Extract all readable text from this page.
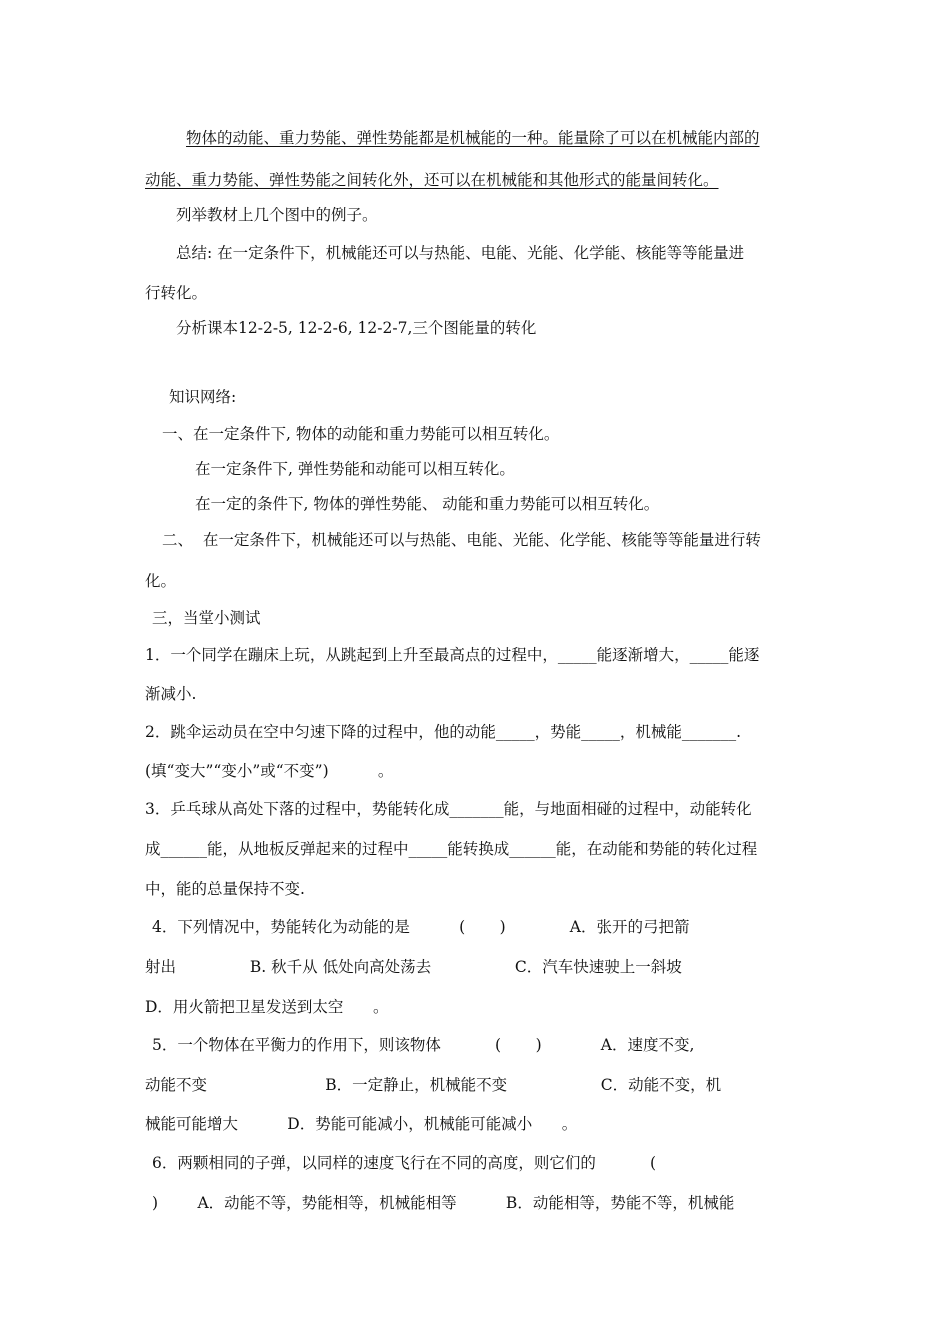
物体的动能、重力势能、弹性势能都是机械能的一种。能量除了可以在机械能内部的
动能、重力势能、弹性势能之间转化外，还可以在机械能和其他形式的能量间转化。
列举教材上几个图中的例子。
总结: 在一定条件下，机械能还可以与热能、电能、光能、化学能、核能等等能量进
行转化。
分析课本12-2-5, 12-2-6, 12-2-7,三个图能量的转化
知识网络:
一、在一定条件下, 物体的动能和重力势能可以相互转化。
在一定条件下, 弹性势能和动能可以相互转化。
在一定的条件下, 物体的弹性势能、 动能和重力势能可以相互转化。
二、  在一定条件下，机械能还可以与热能、电能、光能、化学能、核能等等能量进行转
化。
三，当堂小测试
1．一个同学在蹦床上玩，从跳起到上升至最高点的过程中，_____能逐渐增大，_____能逐
渐减小.
2．跳伞运动员在空中匀速下降的过程中，他的动能_____，势能_____，机械能_______.
(填“变大”“变小”或“不变”)          。
3．乒乓球从高处下落的过程中，势能转化成_______能，与地面相碰的过程中，动能转化
成______能，从地板反弹起来的过程中_____能转换成______能，在动能和势能的转化过程
中，能的总量保持不变.
4．下列情况中，势能转化为动能的是          (       )             A．张开的弓把箭
射出               B. 秋千从 低处向高处荡去                 C．汽车快速驶上一斜坡
D．用火箭把卫星发送到太空      。
5．一个物体在平衡力的作用下，则该物体           (       )            A．速度不变,
动能不变                        B．一定静止，机械能不变                   C．动能不变，机
械能可能增大          D．势能可能减小，机械能可能减小      。
6．两颗相同的子弹，以同样的速度飞行在不同的高度，则它们的           (
)        A．动能不等，势能相等，机械能相等          B．动能相等，势能不等，机械能
